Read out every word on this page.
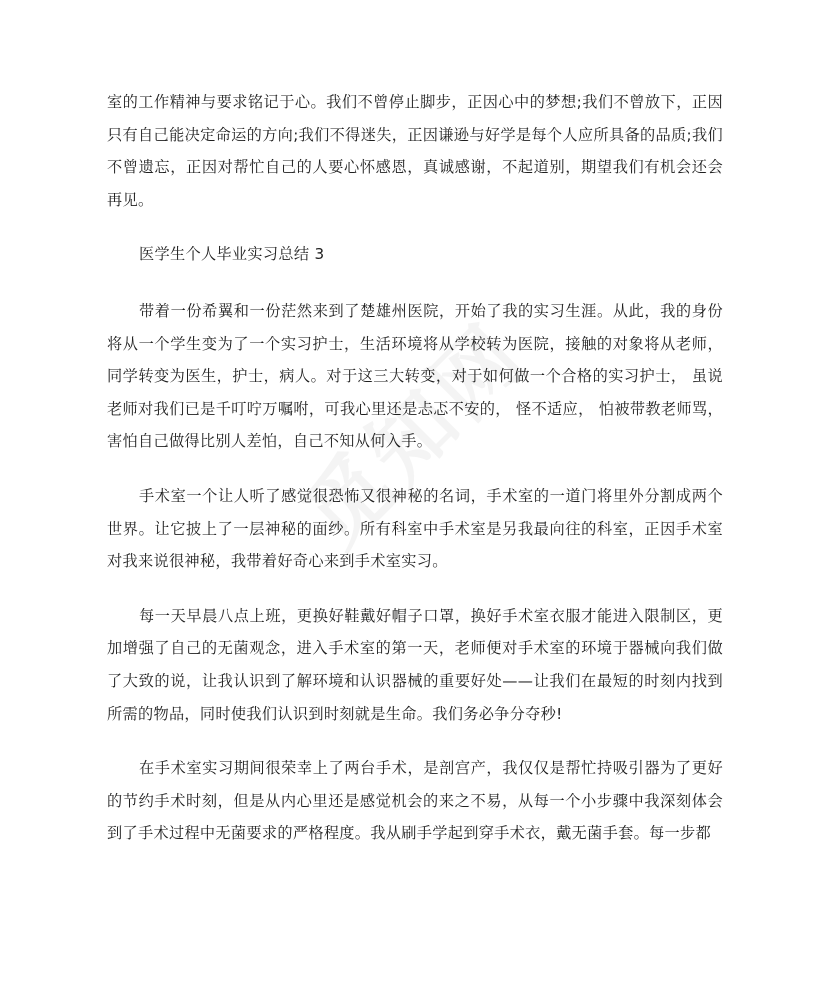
室的工作精神与要求铭记于心。我们不曾停止脚步，正因心中的梦想;我们不曾放下，正因只有自己能决定命运的方向;我们不得迷失，正因谦逊与好学是每个人应所具备的品质;我们不曾遗忘，正因对帮忙自己的人要心怀感恩，真诚感谢，不起道别，期望我们有机会还会再见。

医学生个人毕业实习总结 3

带着一份希翼和一份茫然来到了楚雄州医院，开始了我的实习生涯。从此，我的身份将从一个学生变为了一个实习护士，生活环境将从学校转为医院，接触的对象将从老师，同学转变为医生，护士，病人。对于这三大转变，对于如何做一个合格的实习护士， 虽说老师对我们已是千叮咛万嘱咐，可我心里还是忐忑不安的， 怪不适应， 怕被带教老师骂，害怕自己做得比别人差怕，自己不知从何入手。

手术室一个让人听了感觉很恐怖又很神秘的名词，手术室的一道门将里外分割成两个世界。让它披上了一层神秘的面纱。所有科室中手术室是另我最向往的科室，正因手术室对我来说很神秘，我带着好奇心来到手术室实习。

每一天早晨八点上班，更换好鞋戴好帽子口罩，换好手术室衣服才能进入限制区，更加增强了自己的无菌观念，进入手术室的第一天，老师便对手术室的环境于器械向我们做了大致的说，让我认识到了解环境和认识器械的重要好处——让我们在最短的时刻内找到所需的物品，同时使我们认识到时刻就是生命。我们务必争分夺秒!

在手术室实习期间很荣幸上了两台手术，是剖宫产，我仅仅是帮忙持吸引器为了更好的节约手术时刻，但是从内心里还是感觉机会的来之不易，从每一个小步骤中我深刻体会到了手术过程中无菌要求的严格程度。我从刷手学起到穿手术衣，戴无菌手套。每一步都
